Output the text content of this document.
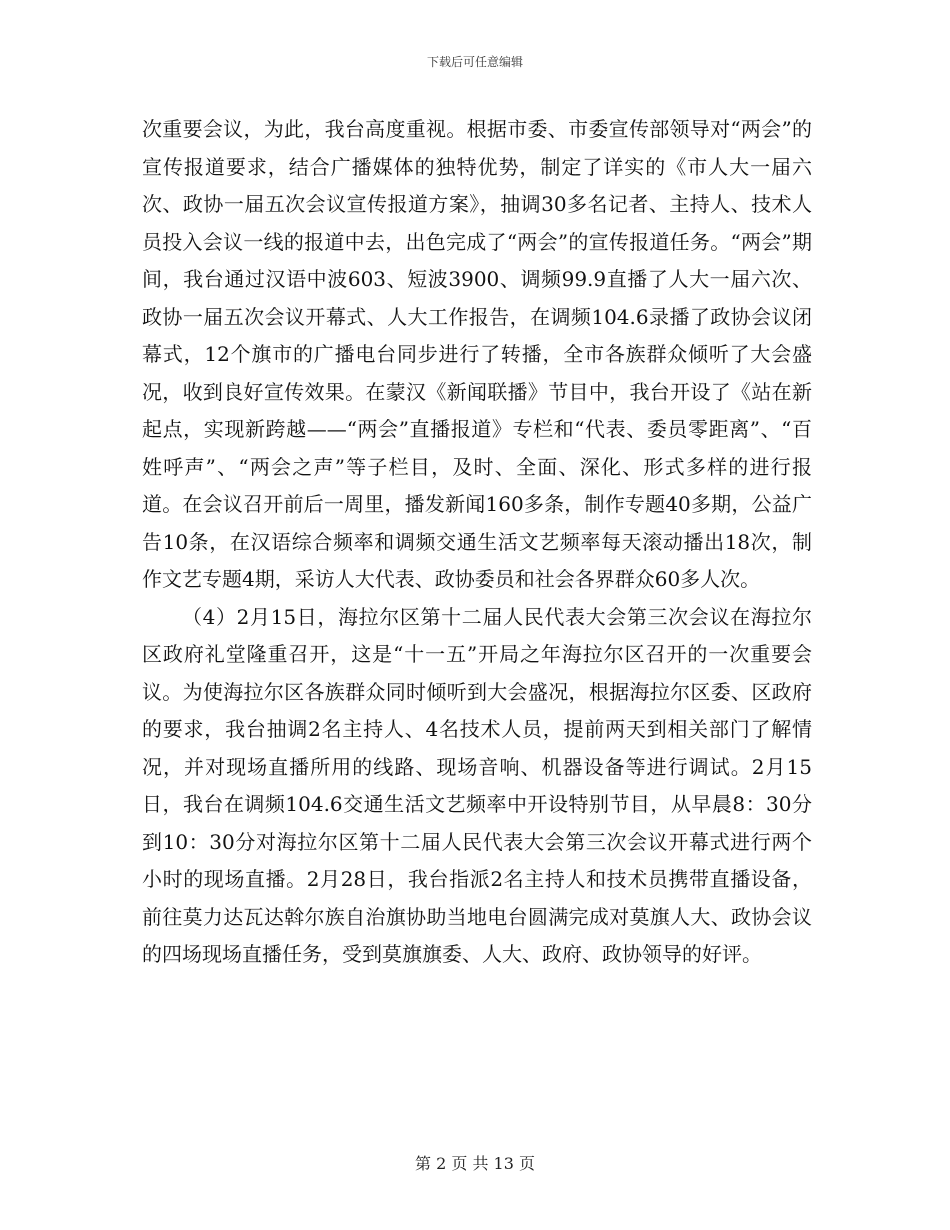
下载后可任意编辑

次重要会议，为此，我台高度重视。根据市委、市委宣传部领导对“两会”的宣传报道要求，结合广播媒体的独特优势，制定了详实的《市人大一届六次、政协一届五次会议宣传报道方案》，抽调30多名记者、主持人、技术人员投入会议一线的报道中去，出色完成了“两会”的宣传报道任务。“两会”期间，我台通过汉语中波603、短波3900、调频99.9直播了人大一届六次、政协一届五次会议开幕式、人大工作报告，在调频104.6录播了政协会议闭幕式，12个旗市的广播电台同步进行了转播，全市各族群众倾听了大会盛况，收到良好宣传效果。在蒙汉《新闻联播》节目中，我台开设了《站在新起点，实现新跨越——“两会”直播报道》专栏和“代表、委员零距离”、“百姓呼声”、“两会之声”等子栏目，及时、全面、深化、形式多样的进行报道。在会议召开前后一周里，播发新闻160多条，制作专题40多期，公益广告10条，在汉语综合频率和调频交通生活文艺频率每天滚动播出18次，制作文艺专题4期，采访人大代表、政协委员和社会各界群众60多人次。

（4）2月15日，海拉尔区第十二届人民代表大会第三次会议在海拉尔区政府礼堂隆重召开，这是“十一五”开局之年海拉尔区召开的一次重要会议。为使海拉尔区各族群众同时倾听到大会盛况，根据海拉尔区委、区政府的要求，我台抽调2名主持人、4名技术人员，提前两天到相关部门了解情况，并对现场直播所用的线路、现场音响、机器设备等进行调试。2月15日，我台在调频104.6交通生活文艺频率中开设特别节目，从早晨8：30分到10：30分对海拉尔区第十二届人民代表大会第三次会议开幕式进行两个小时的现场直播。2月28日，我台指派2名主持人和技术员携带直播设备，前往莫力达瓦达斡尔族自治旗协助当地电台圆满完成对莫旗人大、政协会议的四场现场直播任务，受到莫旗旗委、人大、政府、政协领导的好评。

第 2 页 共 13 页
